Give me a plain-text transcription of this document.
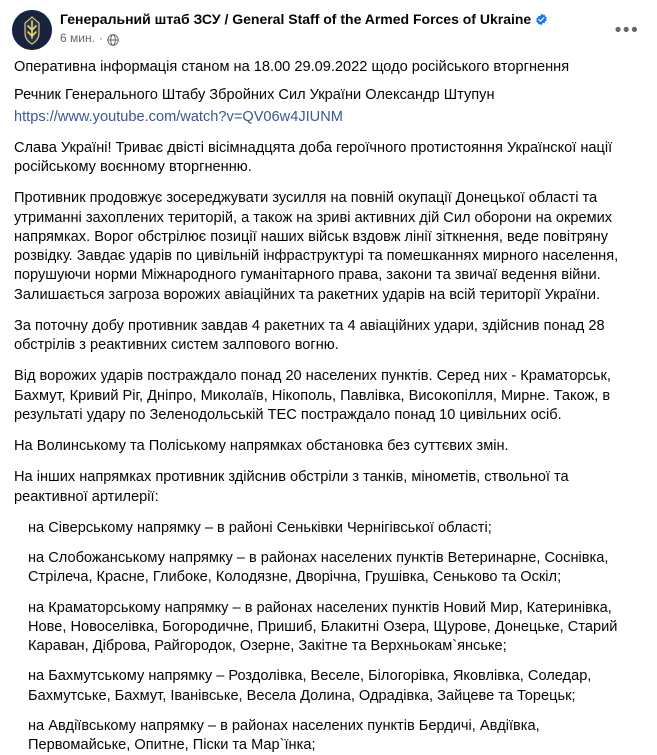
Генеральний штаб ЗСУ / General Staff of the Armed Forces of Ukraine
6 мин. ·	•••

Оперативна інформація станом на 18.00 29.09.2022 щодо російського вторгнення

Речник Генерального Штабу Збройних Сил України Олександр Штупун

https://www.youtube.com/watch?v=QV06w4JIUNM

Слава Україні! Триває двісті вісімнадцята доба героїчного протистояння Українскої нації російському воєнному вторгненню.

Противник продовжує зосереджувати зусилля на повній окупації Донецької області та утриманні захоплених територій, а також на зриві активних дій Сил оборони на окремих напрямках. Ворог обстрілює позиції наших військ вздовж лінії зіткнення, веде повітряну розвідку. Завдає ударів по цивільній інфраструктурі та помешканнях мирного населення, порушуючи норми Міжнародного гуманітарного права, закони та звичаї ведення війни. Залишається загроза ворожих авіаційних та ракетних ударів на всій території України.

За поточну добу противник завдав 4 ракетних та 4 авіаційних удари, здійснив понад 28 обстрілів з реактивних систем залпового вогню.

Від ворожих ударів постраждало понад 20 населених пунктів. Серед них - Краматорськ, Бахмут, Кривий Ріг, Дніпро, Миколаїв, Нікополь, Павлівка, Високопілля, Мирне. Також, в результаті удару по Зеленодольській ТЕС постраждало понад 10 цивільних осіб.

На Волинському та Поліському напрямках обстановка без суттєвих змін.

На інших напрямках противник здійснив обстріли з танків, мінометів, ствольної та реактивної артилерії:

на Сіверському напрямку – в районі Сеньківки Чернігівської області;

на Слобожанському напрямку – в районах населених пунктів Ветеринарне, Соснівка, Стрілеча, Красне, Глибоке, Колодязне, Дворічна, Грушівка, Сеньково та Оскіл;

на Краматорському напрямку – в районах населених пунктів Новий Мир, Катеринівка, Нове, Новоселівка, Богородичне, Пришиб, Блакитні Озера, Щурове, Донецьке, Старий Караван, Діброва, Райгородок, Озерне, Закітне та Верхньокам`янське;

на Бахмутському напрямку – Роздолівка, Веселе, Білогорівка, Яковлівка, Соледар, Бахмутське, Бахмут, Іванівське, Весела Долина, Одрадівка, Зайцеве та Торецьк;

на Авдіївському напрямку – в районах населених пунктів Бердичі, Авдіївка, Первомайське, Опитне, Піски та Мар`їнка;
